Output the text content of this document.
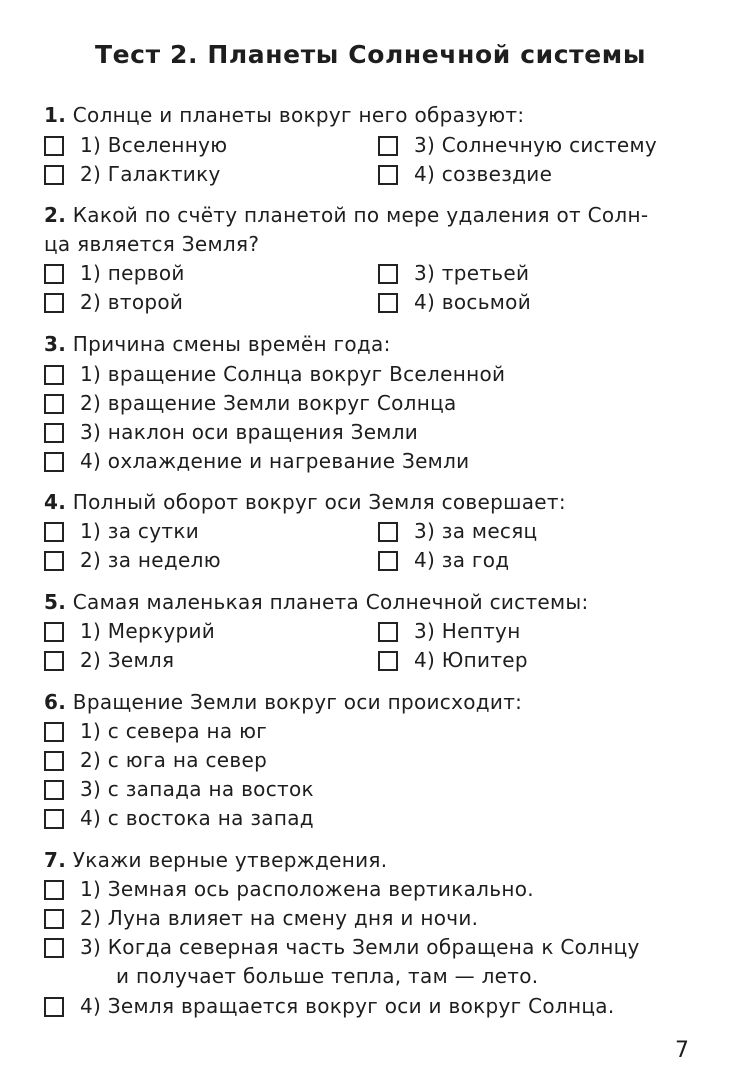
Тест 2. Планеты Солнечной системы
1. Солнце и планеты вокруг него образуют:
1) Вселенную
2) Галактику
3) Солнечную систему
4) созвездие
2. Какой по счёту планетой по мере удаления от Солн-
ца является Земля?
1) первой
2) второй
3) третьей
4) восьмой
3. Причина смены времён года:
1) вращение Солнца вокруг Вселенной
2) вращение Земли вокруг Солнца
3) наклон оси вращения Земли
4) охлаждение и нагревание Земли
4. Полный оборот вокруг оси Земля совершает:
1) за сутки
2) за неделю
3) за месяц
4) за год
5. Самая маленькая планета Солнечной системы:
1) Меркурий
2) Земля
3) Нептун
4) Юпитер
6. Вращение Земли вокруг оси происходит:
1) с севера на юг
2) с юга на север
3) с запада на восток
4) с востока на запад
7. Укажи верные утверждения.
1) Земная ось расположена вертикально.
2) Луна влияет на смену дня и ночи.
3) Когда северная часть Земли обращена к Солнцу
и получает больше тепла, там — лето.
4) Земля вращается вокруг оси и вокруг Солнца.
7
